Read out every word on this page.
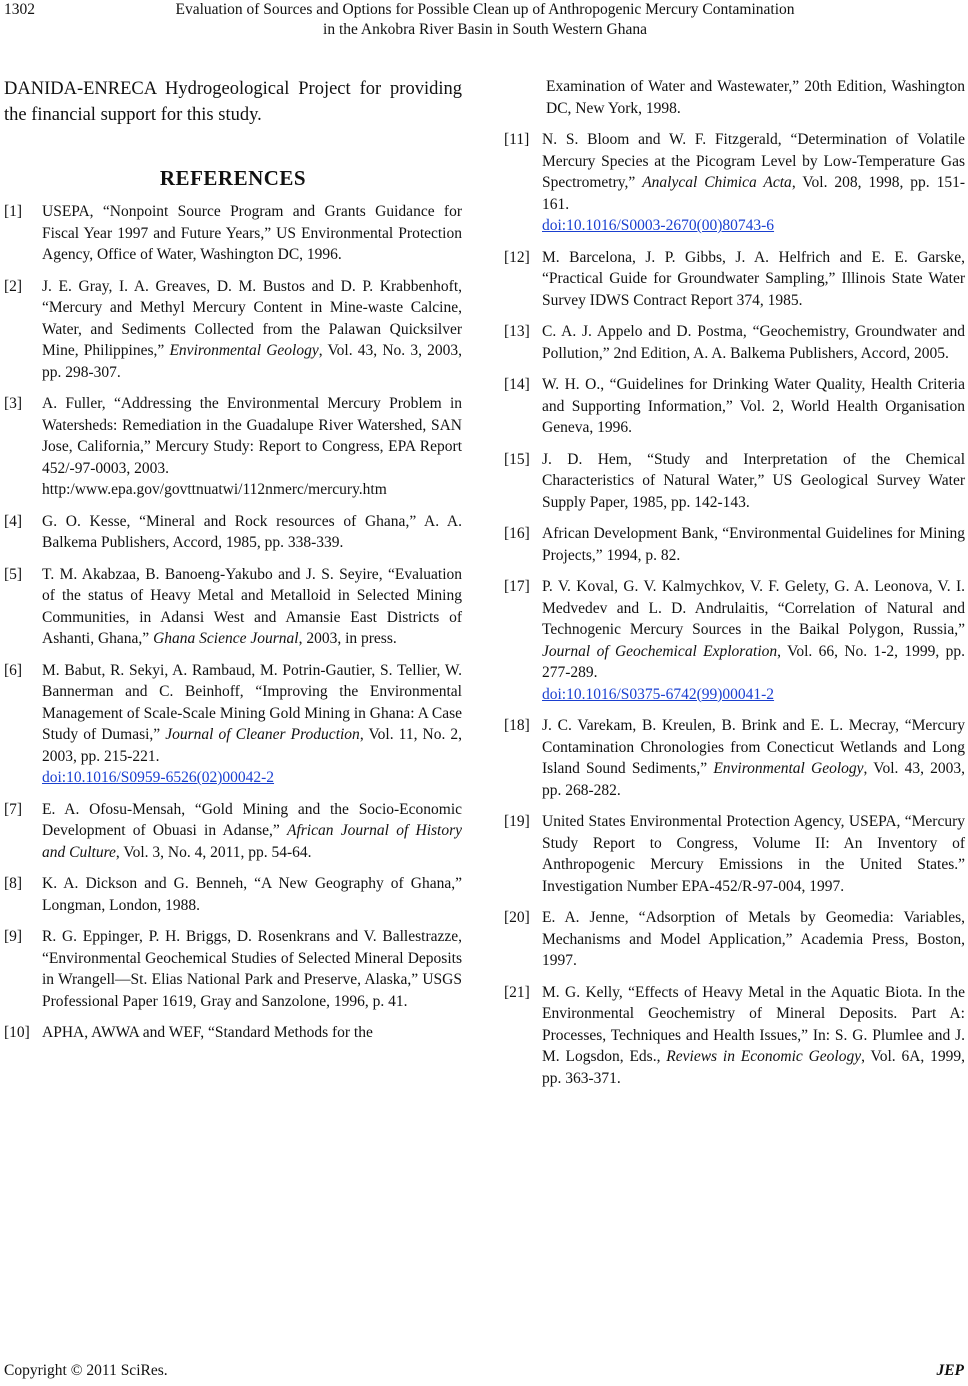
1302	Evaluation of Sources and Options for Possible Clean up of Anthropogenic Mercury Contamination
in the Ankobra River Basin in South Western Ghana

DANIDA-ENRECA Hydrogeological Project for providing the financial support for this study.

REFERENCES
[1]	USEPA, “Nonpoint Source Program and Grants Guidance for Fiscal Year 1997 and Future Years,” US Environmental Protection Agency, Office of Water, Washington DC, 1996.
[2]	J. E. Gray, I. A. Greaves, D. M. Bustos and D. P. Krabbenhoft, “Mercury and Methyl Mercury Content in Mine-waste Calcine, Water, and Sediments Collected from the Palawan Quicksilver Mine, Philippines,” Environmental Geology, Vol. 43, No. 3, 2003, pp. 298-307.
[3]	A. Fuller, “Addressing the Environmental Mercury Problem in Watersheds: Remediation in the Guadalupe River Watershed, SAN Jose, California,” Mercury Study: Report to Congress, EPA Report 452/-97-0003, 2003.
http:/www.epa.gov/govttnuatwi/112nmerc/mercury.htm
[4]	G. O. Kesse, “Mineral and Rock resources of Ghana,” A. A. Balkema Publishers, Accord, 1985, pp. 338-339.
[5]	T. M. Akabzaa, B. Banoeng-Yakubo and J. S. Seyire, “Evaluation of the status of Heavy Metal and Metalloid in Selected Mining Communities, in Adansi West and Amansie East Districts of Ashanti, Ghana,” Ghana Science Journal, 2003, in press.
[6]	M. Babut, R. Sekyi, A. Rambaud, M. Potrin-Gautier, S. Tellier, W. Bannerman and C. Beinhoff, “Improving the Environmental Management of Scale-Scale Mining Gold Mining in Ghana: A Case Study of Dumasi,” Journal of Cleaner Production, Vol. 11, No. 2, 2003, pp. 215-221.
doi:10.1016/S0959-6526(02)00042-2
[7]	E. A. Ofosu-Mensah, “Gold Mining and the Socio-Economic Development of Obuasi in Adanse,” African Journal of History and Culture, Vol. 3, No. 4, 2011, pp. 54-64.
[8]	K. A. Dickson and G. Benneh, “A New Geography of Ghana,” Longman, London, 1988.
[9]	R. G. Eppinger, P. H. Briggs, D. Rosenkrans and V. Ballestrazze, “Environmental Geochemical Studies of Selected Mineral Deposits in Wrangell—St. Elias National Park and Preserve, Alaska,” USGS Professional Paper 1619, Gray and Sanzolone, 1996, p. 41.
[10] APHA, AWWA and WEF, “Standard Methods for the
Examination of Water and Wastewater,” 20th Edition, Washington DC, New York, 1998.
[11] N. S. Bloom and W. F. Fitzgerald, “Determination of Volatile Mercury Species at the Picogram Level by Low-Temperature Gas Spectrometry,” Analycal Chimica Acta, Vol. 208, 1998, pp. 151-161.
doi:10.1016/S0003-2670(00)80743-6
[12] M. Barcelona, J. P. Gibbs, J. A. Helfrich and E. E. Garske, “Practical Guide for Groundwater Sampling,” Illinois State Water Survey IDWS Contract Report 374, 1985.
[13] C. A. J. Appelo and D. Postma, “Geochemistry, Groundwater and Pollution,” 2nd Edition, A. A. Balkema Publishers, Accord, 2005.
[14] W. H. O., “Guidelines for Drinking Water Quality, Health Criteria and Supporting Information,” Vol. 2, World Health Organisation Geneva, 1996.
[15] J. D. Hem, “Study and Interpretation of the Chemical Characteristics of Natural Water,” US Geological Survey Water Supply Paper, 1985, pp. 142-143.
[16] African Development Bank, “Environmental Guidelines for Mining Projects,” 1994, p. 82.
[17] P. V. Koval, G. V. Kalmychkov, V. F. Gelety, G. A. Leonova, V. I. Medvedev and L. D. Andrulaitis, “Correlation of Natural and Technogenic Mercury Sources in the Baikal Polygon, Russia,” Journal of Geochemical Exploration, Vol. 66, No. 1-2, 1999, pp. 277-289.
doi:10.1016/S0375-6742(99)00041-2
[18] J. C. Varekam, B. Kreulen, B. Brink and E. L. Mecray, “Mercury Contamination Chronologies from Conecticut Wetlands and Long Island Sound Sediments,” Environmental Geology, Vol. 43, 2003, pp. 268-282.
[19] United States Environmental Protection Agency, USEPA, “Mercury Study Report to Congress, Volume II: An Inventory of Anthropogenic Mercury Emissions in the United States.” Investigation Number EPA-452/R-97-004, 1997.
[20] E. A. Jenne, “Adsorption of Metals by Geomedia: Variables, Mechanisms and Model Application,” Academia Press, Boston, 1997.
[21] M. G. Kelly, “Effects of Heavy Metal in the Aquatic Biota. In the Environmental Geochemistry of Mineral Deposits. Part A: Processes, Techniques and Health Issues,” In: S. G. Plumlee and J. M. Logsdon, Eds., Reviews in Economic Geology, Vol. 6A, 1999, pp. 363-371.
Copyright © 2011 SciRes.	JEP
